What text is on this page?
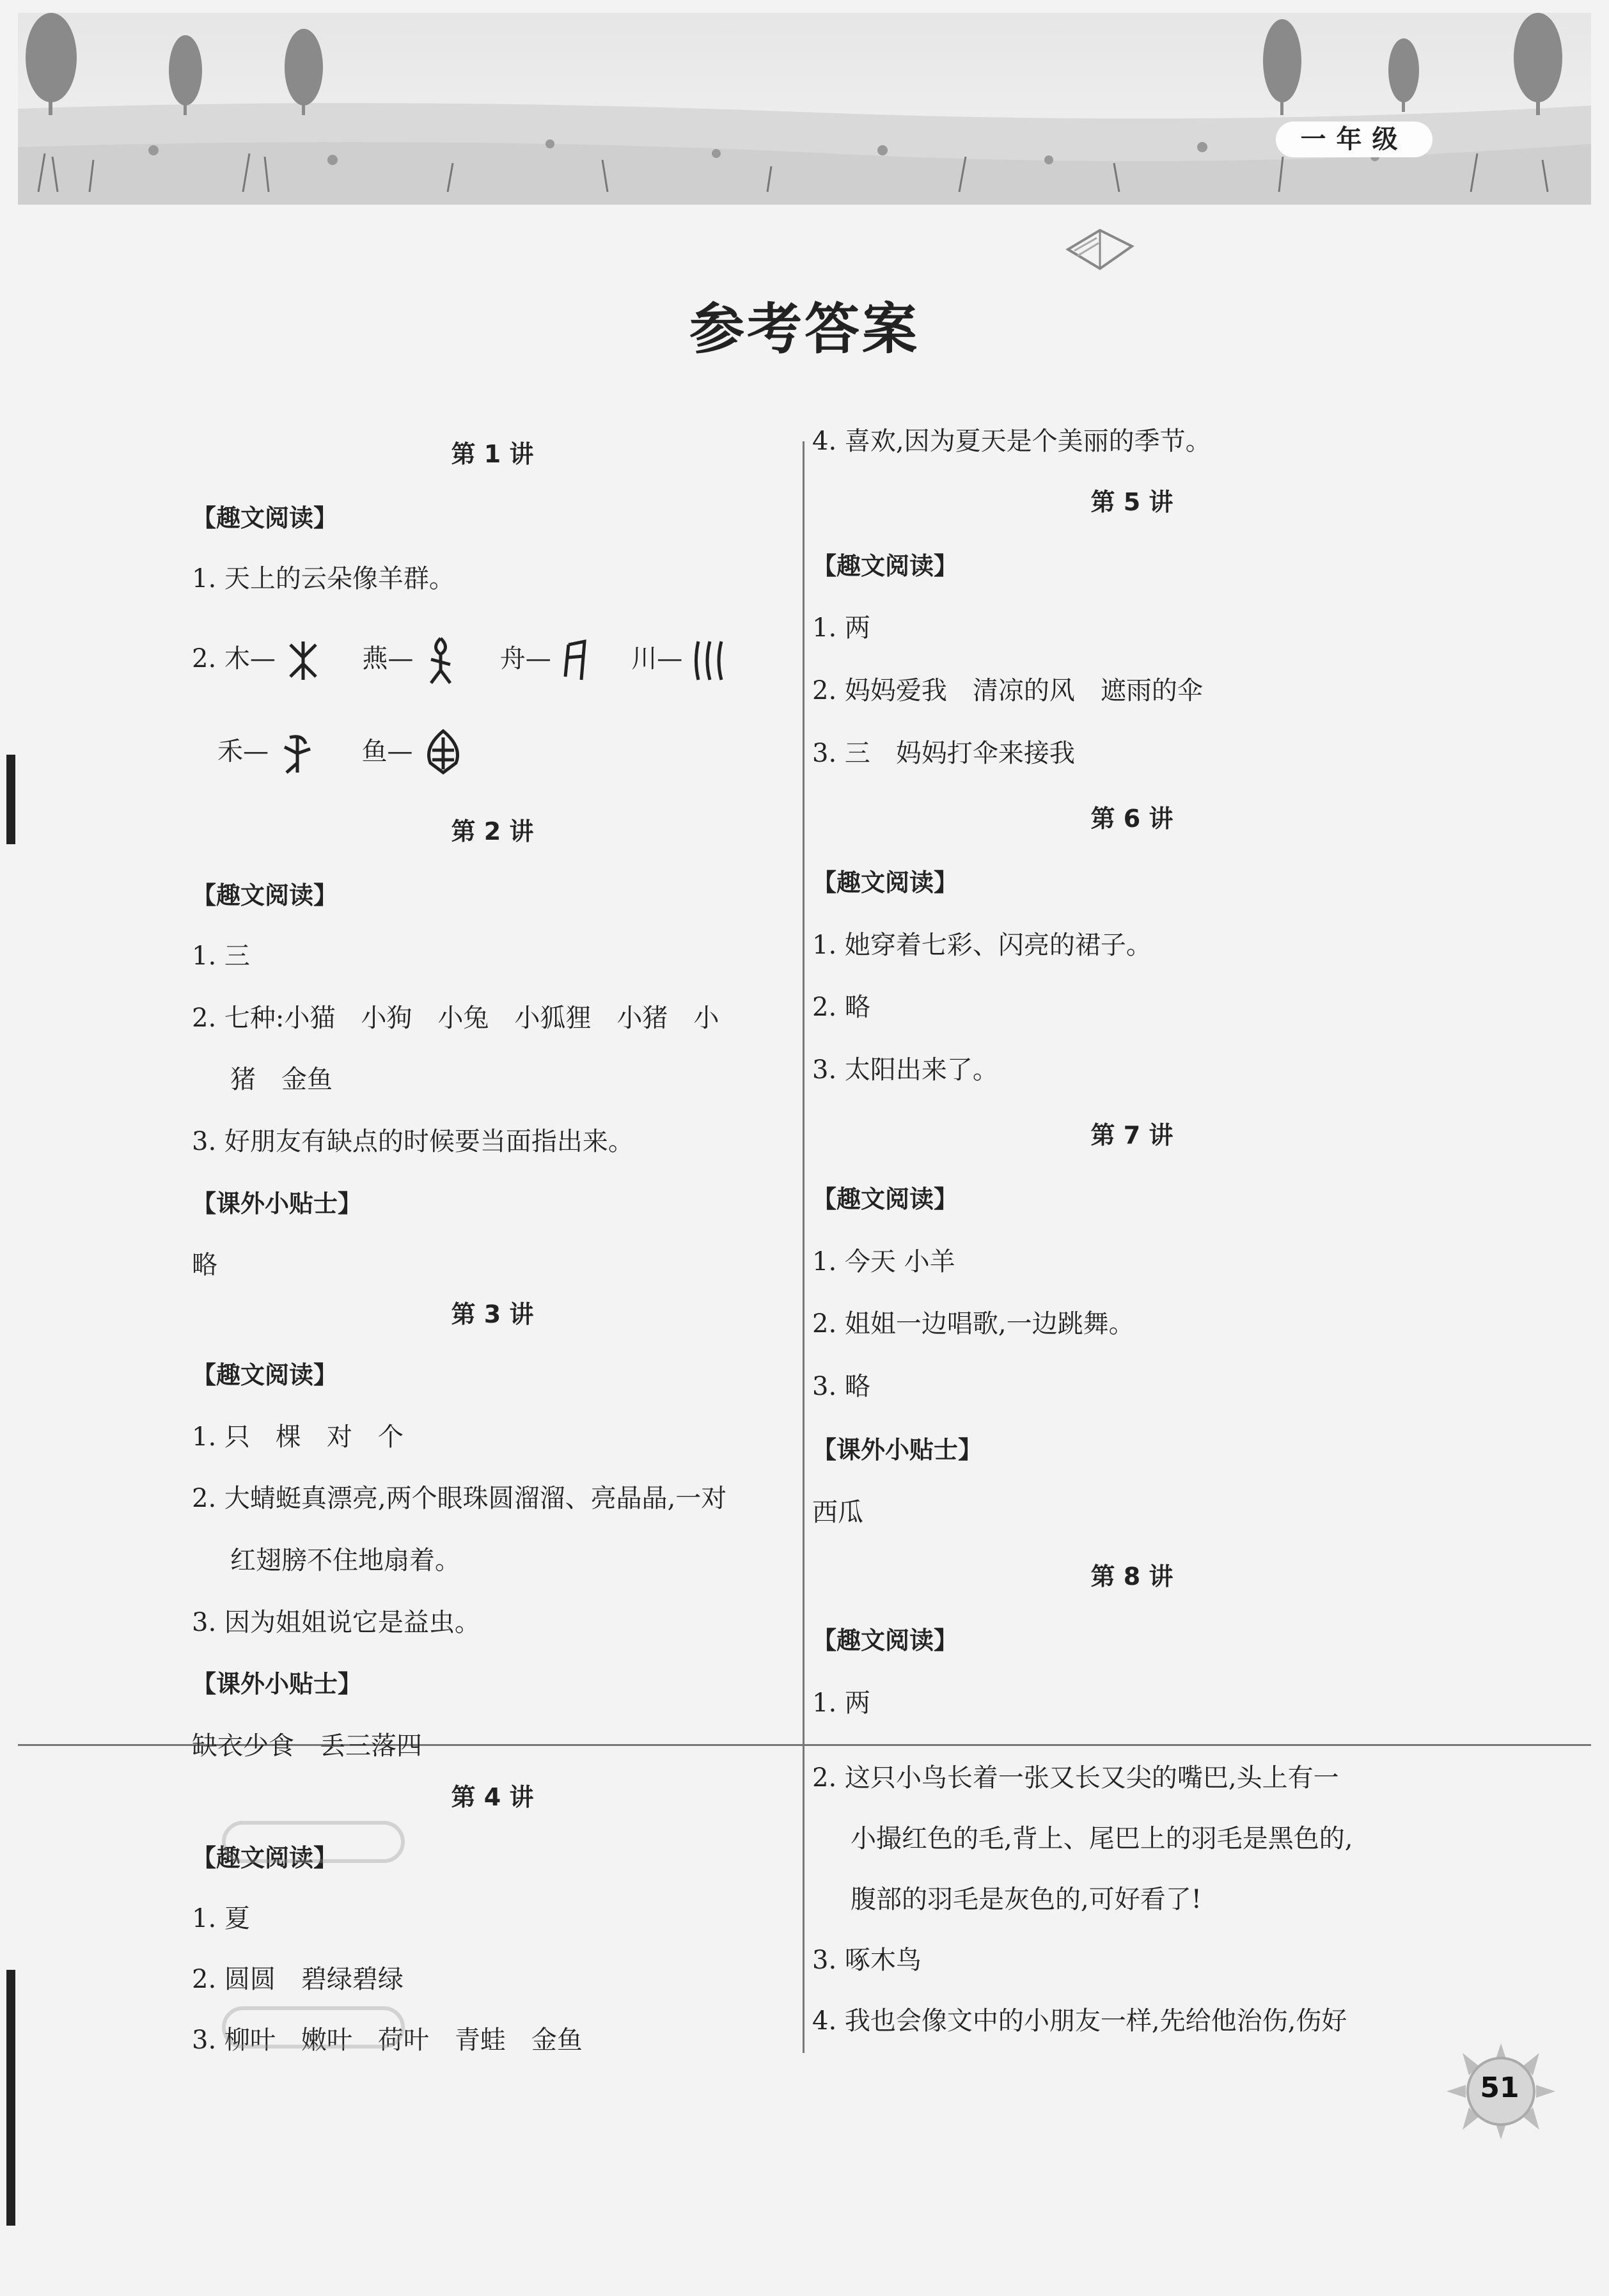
一年级
参考答案
第 1 讲
【趣文阅读】
1. 天上的云朵像羊群。
2. 木—	燕—	舟—	川—
禾—	鱼—
第 2 讲
【趣文阅读】
1. 三
2. 七种:小猫　小狗　小兔　小狐狸　小猪　小
猪　金鱼
3. 好朋友有缺点的时候要当面指出来。
【课外小贴士】
略
第 3 讲
【趣文阅读】
1. 只　棵　对　个
2. 大蜻蜓真漂亮,两个眼珠圆溜溜、亮晶晶,一对
红翅膀不住地扇着。
3. 因为姐姐说它是益虫。
【课外小贴士】
缺衣少食　丢三落四
第 4 讲
【趣文阅读】
1. 夏
2. 圆圆　碧绿碧绿
3. 柳叶　嫩叶　荷叶　青蛙　金鱼
4. 喜欢,因为夏天是个美丽的季节。
第 5 讲
【趣文阅读】
1. 两
2. 妈妈爱我　清凉的风　遮雨的伞
3. 三　妈妈打伞来接我
第 6 讲
【趣文阅读】
1. 她穿着七彩、闪亮的裙子。
2. 略
3. 太阳出来了。
第 7 讲
【趣文阅读】
1. 今天 小羊
2. 姐姐一边唱歌,一边跳舞。
3. 略
【课外小贴士】
西瓜
第 8 讲
【趣文阅读】
1. 两
2. 这只小鸟长着一张又长又尖的嘴巴,头上有一
小撮红色的毛,背上、尾巴上的羽毛是黑色的,
腹部的羽毛是灰色的,可好看了!
3. 啄木鸟
4. 我也会像文中的小朋友一样,先给他治伤,伤好
51
